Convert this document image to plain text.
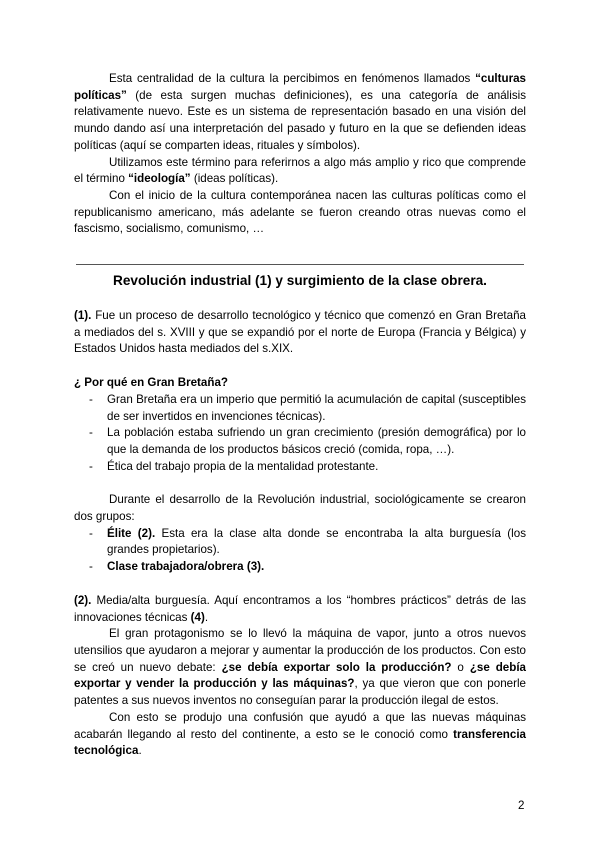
Esta centralidad de la cultura la percibimos en fenómenos llamados “culturas políticas” (de esta surgen muchas definiciones), es una categoría de análisis relativamente nuevo. Este es un sistema de representación basado en una visión del mundo dando así una interpretación del pasado y futuro en la que se defienden ideas políticas (aquí se comparten ideas, rituales y símbolos).

Utilizamos este término para referirnos a algo más amplio y rico que comprende el término “ideología” (ideas políticas).

Con el inicio de la cultura contemporánea nacen las culturas políticas como el republicanismo americano, más adelante se fueron creando otras nuevas como el fascismo, socialismo, comunismo, …

Revolución industrial (1) y surgimiento de la clase obrera.

(1). Fue un proceso de desarrollo tecnológico y técnico que comenzó en Gran Bretaña a mediados del s. XVIII y que se expandió por el norte de Europa (Francia y Bélgica) y Estados Unidos hasta mediados del s.XIX.

¿ Por qué en Gran Bretaña?

- Gran Bretaña era un imperio que permitió la acumulación de capital (susceptibles de ser invertidos en invenciones técnicas).
- La población estaba sufriendo un gran crecimiento (presión demográfica) por lo que la demanda de los productos básicos creció (comida, ropa, …).
- Ética del trabajo propia de la mentalidad protestante.

Durante el desarrollo de la Revolución industrial, sociológicamente se crearon dos grupos:

- Élite (2). Esta era la clase alta donde se encontraba la alta burguesía (los grandes propietarios).
- Clase trabajadora/obrera (3).

(2). Media/alta burguesía. Aquí encontramos a los “hombres prácticos” detrás de las innovaciones técnicas (4).

El gran protagonismo se lo llevó la máquina de vapor, junto a otros nuevos utensilios que ayudaron a mejorar y aumentar la producción de los productos. Con esto se creó un nuevo debate: ¿se debía exportar solo la producción? o ¿se debía exportar y vender la producción y las máquinas?, ya que vieron que con ponerle patentes a sus nuevos inventos no conseguían parar la producción ilegal de estos.

Con esto se produjo una confusión que ayudó a que las nuevas máquinas acabarán llegando al resto del continente, a esto se le conoció como transferencia tecnológica.

2
